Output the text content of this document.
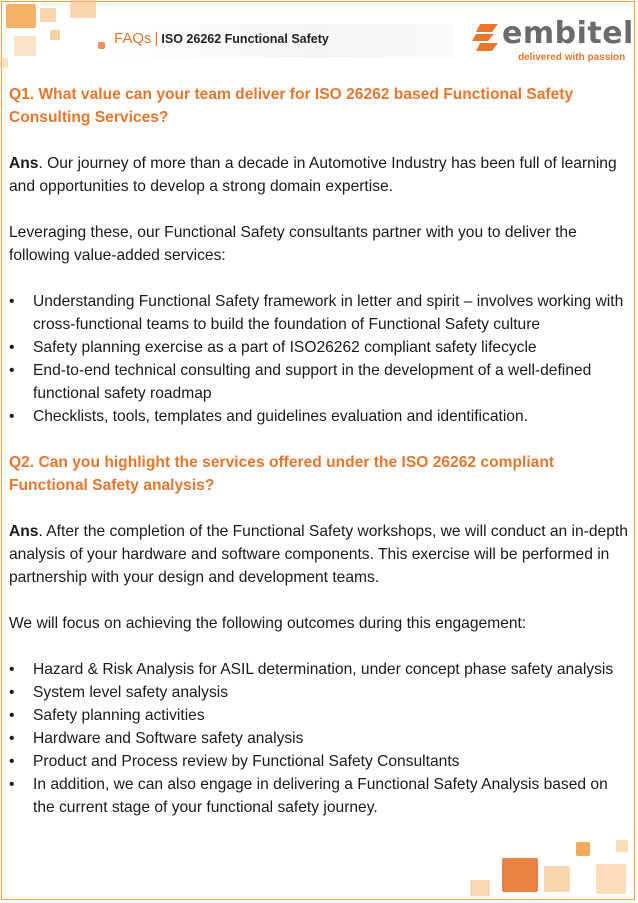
FAQs | ISO 26262 Functional Safety	embitel
delivered with passion

Q1. What value can your team deliver for ISO 26262 based Functional Safety Consulting Services?

Ans. Our journey of more than a decade in Automotive Industry has been full of learning and opportunities to develop a strong domain expertise.

Leveraging these, our Functional Safety consultants partner with you to deliver the following value-added services:

• Understanding Functional Safety framework in letter and spirit – involves working with cross-functional teams to build the foundation of Functional Safety culture
• Safety planning exercise as a part of ISO26262 compliant safety lifecycle
• End-to-end technical consulting and support in the development of a well-defined functional safety roadmap
• Checklists, tools, templates and guidelines evaluation and identification.

Q2. Can you highlight the services offered under the ISO 26262 compliant Functional Safety analysis?

Ans. After the completion of the Functional Safety workshops, we will conduct an in-depth analysis of your hardware and software components. This exercise will be performed in partnership with your design and development teams.

We will focus on achieving the following outcomes during this engagement:

• Hazard & Risk Analysis for ASIL determination, under concept phase safety analysis
• System level safety analysis
• Safety planning activities
• Hardware and Software safety analysis
• Product and Process review by Functional Safety Consultants
• In addition, we can also engage in delivering a Functional Safety Analysis based on the current stage of your functional safety journey.
